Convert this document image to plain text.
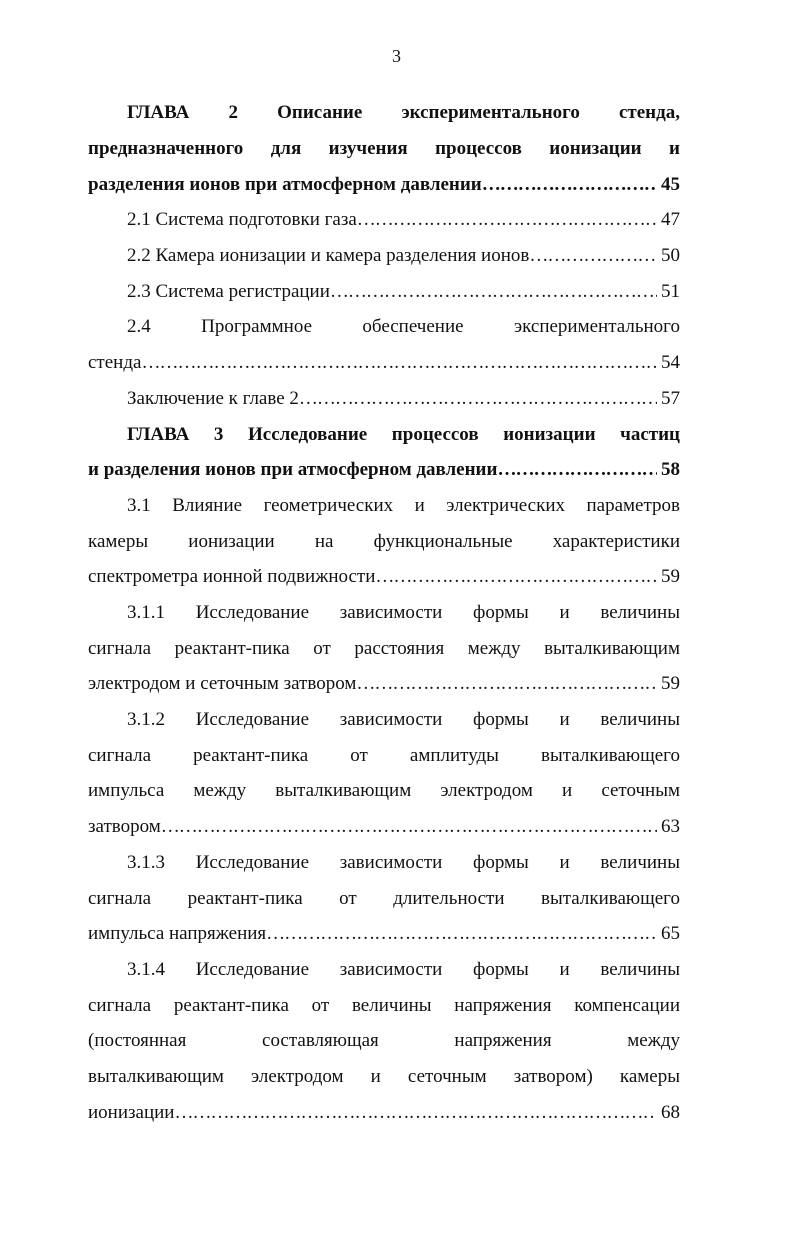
3
ГЛАВА 2 Описание экспериментального стенда,
предназначенного для изучения процессов ионизации и
разделения ионов при атмосферном давлении ………………………………………………………………………………………………………………………………	45
2.1 Система подготовки газа ………………………………………………………………………………………………………………………………	47
2.2 Камера ионизации и камера разделения ионов ………………………………………………………………………………………………………………………………	50
2.3 Система регистрации ………………………………………………………………………………………………………………………………	51
2.4 Программное обеспечение экспериментального
стенда ………………………………………………………………………………………………………………………………	54
Заключение к главе 2 ………………………………………………………………………………………………………………………………	57
ГЛАВА 3 Исследование процессов ионизации частиц
и разделения ионов при атмосферном давлении ………………………………………………………………………………………………………………………………	58
3.1 Влияние геометрических и электрических параметров
камеры ионизации на функциональные характеристики
спектрометра ионной подвижности ………………………………………………………………………………………………………………………………	59
3.1.1 Исследование зависимости формы и величины
сигнала реактант-пика от расстояния между выталкивающим
электродом и сеточным затвором ………………………………………………………………………………………………………………………………	59
3.1.2 Исследование зависимости формы и величины
сигнала реактант-пика от амплитуды выталкивающего
импульса между выталкивающим электродом и сеточным
затвором ………………………………………………………………………………………………………………………………	63
3.1.3 Исследование зависимости формы и величины
сигнала реактант-пика от длительности выталкивающего
импульса напряжения ………………………………………………………………………………………………………………………………	65
3.1.4 Исследование зависимости формы и величины
сигнала реактант-пика от величины напряжения компенсации
(постоянная составляющая напряжения между
выталкивающим электродом и сеточным затвором) камеры
ионизации ………………………………………………………………………………………………………………………………	68
